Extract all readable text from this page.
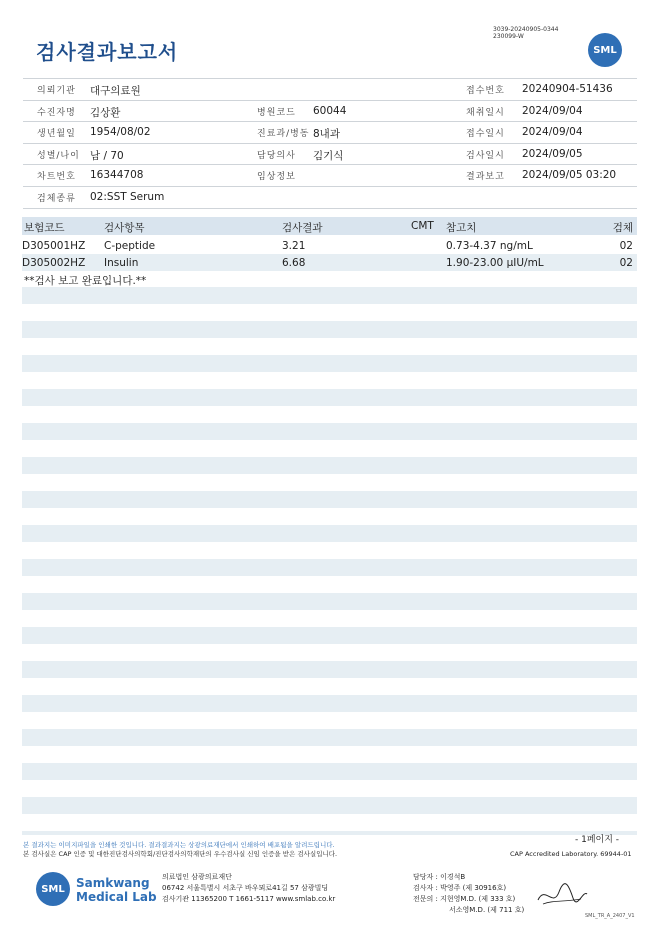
검사결과보고서
3039-20240905-0344
230099-W
SML
의뢰기관 대구의료원	접수번호 20240904-51436
수진자명 김상환	병원코드 60044	채취일시 2024/09/04
생년월일 1954/08/02	진료과/병동 8내과	접수일시 2024/09/04
성별/나이 남 / 70	담당의사 김기식	검사일시 2024/09/05
차트번호 16344708	임상정보	결과보고 2024/09/05 03:20
검체종류 02:SST Serum
보험코드	검사항목	검사결과	CMT 참고치	검체
D305001HZ C-peptide	3.21	0.73-4.37 ng/mL	02
D305002HZ Insulin	6.68	1.90-23.00 µIU/mL	02
**검사 보고 완료입니다.**
- 1페이지 -
본 결과지는 이미지파일을 인쇄한 것입니다. 결과결과지는 상광의료재단에서 인쇄하여 배포됨을 알려드립니다.
본 검사실은 CAP 인증 및 대한진단검사의학회/진단검사의학재단의 우수검사실 신임 인증을 받은 검사실입니다.	CAP Accredited Laboratory. 69944-01
SML Samkwang
Medical Lab
의료법인 삼광의료재단
06742 서울특별시 서초구 바우뫼로41길 57 삼광빌딩
검사기관 11365200 T 1661-5117 www.smlab.co.kr
담당자 : 이경석B
검사자 : 박영주 (제 30916호)
전문의 : 지현영M.D. (제 333 호)
서소영M.D. (제 711 호)
SML_TR_A_2407_V1
